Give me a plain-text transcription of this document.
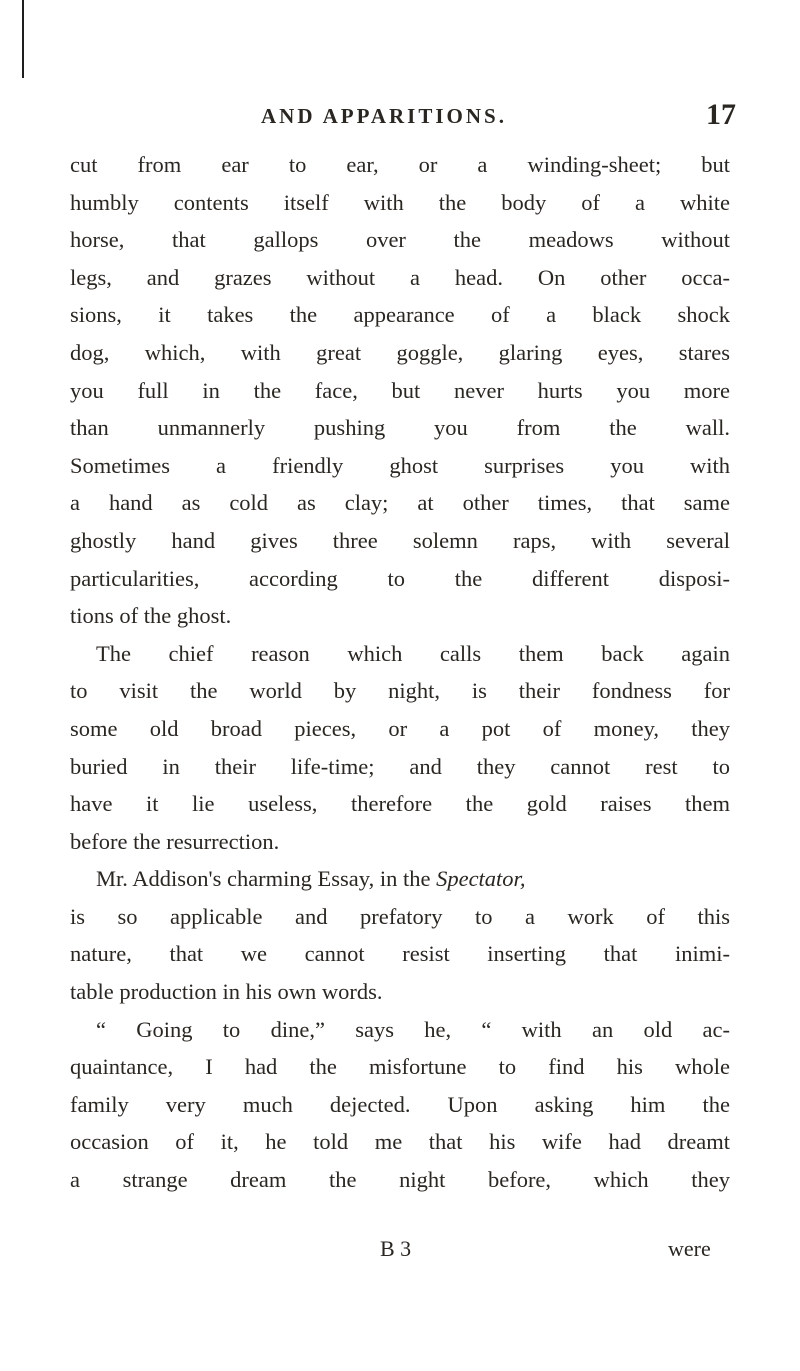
AND APPARITIONS.	17
cut from ear to ear, or a winding-sheet; but
humbly contents itself with the body of a white
horse, that gallops over the meadows without
legs, and grazes without a head. On other occa-
sions, it takes the appearance of a black shock
dog, which, with great goggle, glaring eyes, stares
you full in the face, but never hurts you more
than unmannerly pushing you from the wall.
Sometimes a friendly ghost surprises you with
a hand as cold as clay; at other times, that same
ghostly hand gives three solemn raps, with several
particularities, according to the different disposi-
tions of the ghost.
The chief reason which calls them back again
to visit the world by night, is their fondness for
some old broad pieces, or a pot of money, they
buried in their life-time; and they cannot rest to
have it lie useless, therefore the gold raises them
before the resurrection.
Mr. Addison's charming Essay, in the Spectator,
is so applicable and prefatory to a work of this
nature, that we cannot resist inserting that inimi-
table production in his own words.
“ Going to dine,” says he, “ with an old ac-
quaintance, I had the misfortune to find his whole
family very much dejected. Upon asking him the
occasion of it, he told me that his wife had dreamt
a strange dream the night before, which they
B 3	were
